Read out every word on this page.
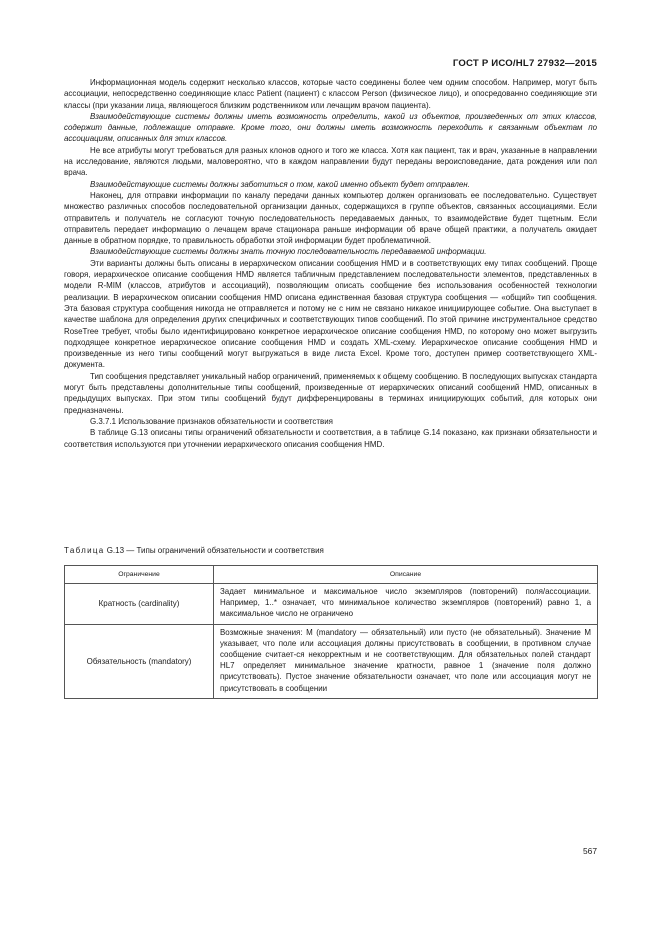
ГОСТ Р ИСО/HL7 27932—2015

Информационная модель содержит несколько классов, которые часто соединены более чем одним способом. Например, могут быть ассоциации, непосредственно соединяющие класс Patient (пациент) с классом Person (физическое лицо), и опосредованно соединяющие эти классы (при указании лица, являющегося близким родственником или лечащим врачом пациента).

Взаимодействующие системы должны иметь возможность определить, какой из объектов, произведенных от этих классов, содержит данные, подлежащие отправке. Кроме того, они должны иметь возможность переходить к связанным объектам по ассоциациям, описанных для этих классов.

Не все атрибуты могут требоваться для разных клонов одного и того же класса. Хотя как пациент, так и врач, указанные в направлении на исследование, являются людьми, маловероятно, что в каждом направлении будут переданы вероисповедание, дата рождения или пол врача.

Взаимодействующие системы должны заботиться о том, какой именно объект будет отправлен.

Наконец, для отправки информации по каналу передачи данных компьютер должен организовать ее последовательно. Существует множество различных способов последовательной организации данных, содержащихся в группе объектов, связанных ассоциациями. Если отправитель и получатель не согласуют точную последовательность передаваемых данных, то взаимодействие будет тщетным. Если отправитель передает информацию о лечащем враче стационара раньше информации об враче общей практики, а получатель ожидает данные в обратном порядке, то правильность обработки этой информации будет проблематичной.

Взаимодействующие системы должны знать точную последовательность передаваемой информации.

Эти варианты должны быть описаны в иерархическом описании сообщения HMD и в соответствующих ему типах сообщений. Проще говоря, иерархическое описание сообщения HMD является табличным представлением последовательности элементов, представленных в модели R-MIM (классов, атрибутов и ассоциаций), позволяющим описать сообщение без использования особенностей технологии реализации. В иерархическом описании сообщения HMD описана единственная базовая структура сообщения — «общий» тип сообщения. Эта базовая структура сообщения никогда не отправляется и потому не с ним не связано никакое инициирующее событие. Она выступает в качестве шаблона для определения других специфичных и соответствующих типов сообщений. По этой причине инструментальное средство RoseTree требует, чтобы было идентифицировано конкретное иерархическое описание сообщения HMD, по которому оно может выгрузить подходящее конкретное иерархическое описание сообщения HMD и создать XML-схему. Иерархическое описание сообщения HMD и произведенные из него типы сообщений могут выгружаться в виде листа Excel. Кроме того, доступен пример соответствующего XML-документа.

Тип сообщения представляет уникальный набор ограничений, применяемых к общему сообщению. В последующих выпусках стандарта могут быть представлены дополнительные типы сообщений, произведенные от иерархических описаний сообщений HMD, описанных в предыдущих выпусках. При этом типы сообщений будут дифференцированы в терминах инициирующих событий, для которых они предназначены.

G.3.7.1 Использование признаков обязательности и соответствия

В таблице G.13 описаны типы ограничений обязательности и соответствия, а в таблице G.14 показано, как признаки обязательности и соответствия используются при уточнении иерархического описания сообщения HMD.

Таблица G.13 — Типы ограничений обязательности и соответствия
Ограничение	Описание
Кратность (cardinality)	Задает минимальное и максимальное число экземпляров (повторений) поля/ассоциации. Например, 1..* означает, что минимальное количество экземпляров (повторений) равно 1, а максимальное число не ограничено
Обязательность (mandatory)	Возможные значения: M (mandatory — обязательный) или пусто (не обязательный). Значение М указывает, что поле или ассоциация должны присутствовать в сообщении, в противном случае сообщение считает-ся некорректным и не соответствующим. Для обязательных полей стандарт HL7 определяет минимальное значение кратности, равное 1 (значение поля должно присутствовать). Пустое значение обязательности означает, что поле или ассоциация могут не присутствовать в сообщении
567
